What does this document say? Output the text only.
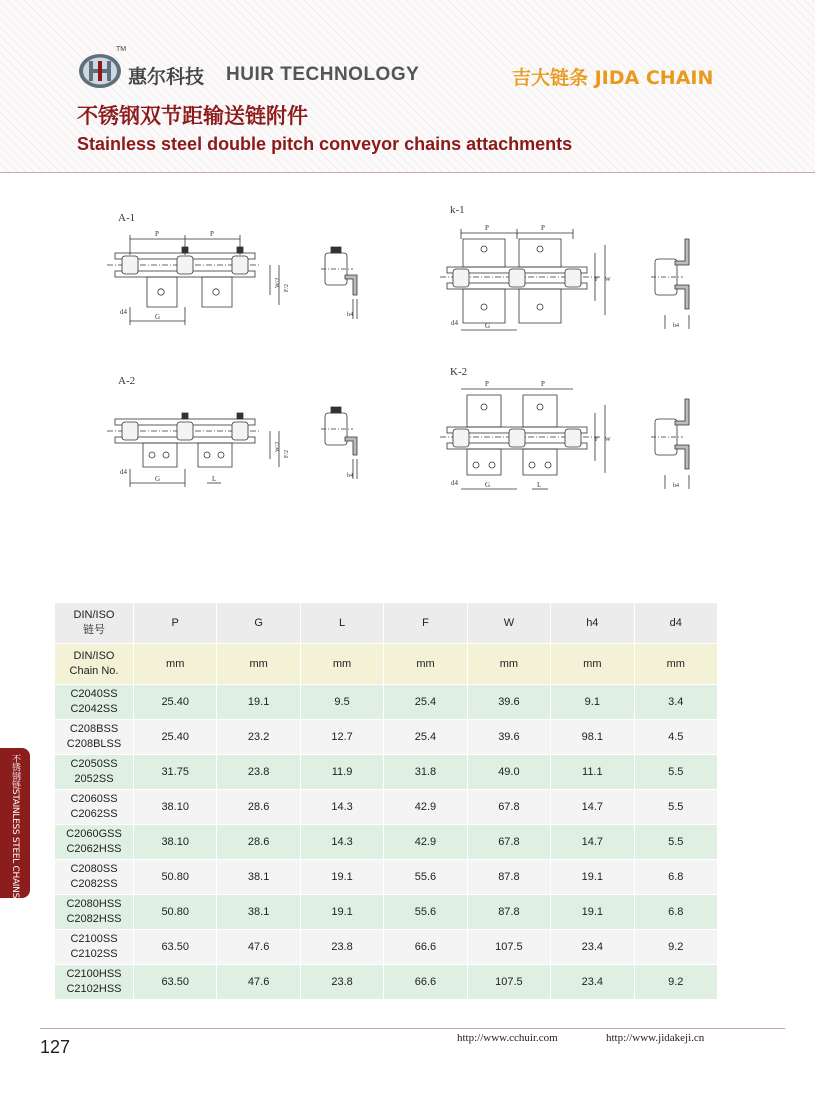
TM
惠尔科技 HUIR TECHNOLOGY	吉大链条 JIDA CHAIN
不锈钢双节距输送链附件
Stainless steel double pitch conveyor chains attachments
A-1
P	P
G
d4
W/2 F/2
h4
A-2
G	L
d4
W/2
F/2
h4
k-1
P	P
G
d4
F W
h4
K-2
P	P
G	L
d4
F W
h4
不锈钢链STAINLESS STEEL CHAINS
DIN/ISO
链号	P	G	L	F	W	h4	d4

DIN/ISO
Chain No.	mm	mm	mm	mm	mm	mm	mm

C2040SS
C2042SS	25.40	19.1	9.5	25.4	39.6	9.1	3.4

C208BSS
C208BLSS	25.40	23.2	12.7	25.4	39.6	98.1	4.5

C2050SS
2052SS	31.75	23.8	11.9	31.8	49.0	11.1	5.5

C2060SS
C2062SS	38.10	28.6	14.3	42.9	67.8	14.7	5.5

C2060GSS
C2062HSS	38.10	28.6	14.3	42.9	67.8	14.7	5.5

C2080SS
C2082SS	50.80	38.1	19.1	55.6	87.8	19.1	6.8

C2080HSS
C2082HSS	50.80	38.1	19.1	55.6	87.8	19.1	6.8

C2100SS
C2102SS	63.50	47.6	23.8	66.6	107.5	23.4	9.2

C2100HSS
C2102HSS	63.50	47.6	23.8	66.6	107.5	23.4	9.2
127	http://www.cchuir.com	http://www.jidakeji.cn
